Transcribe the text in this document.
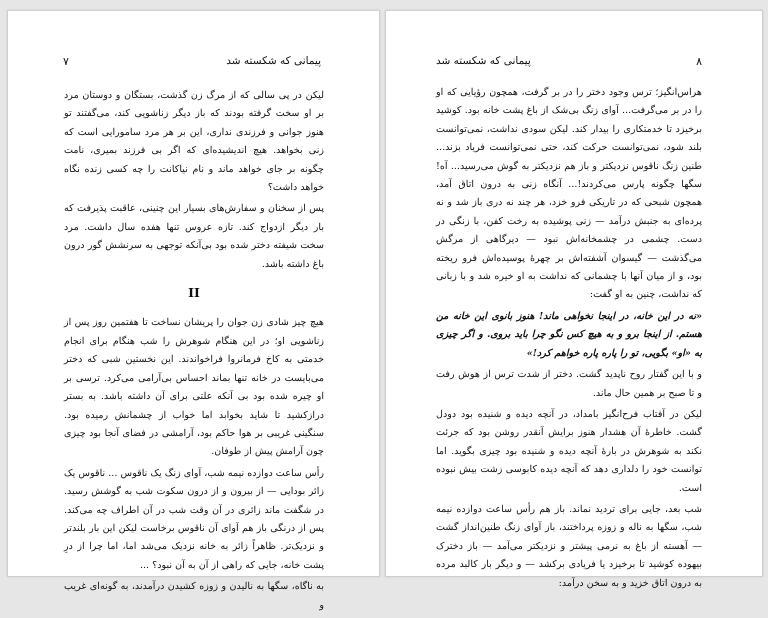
پیمانی که شکسته شد
۷

لیکن در پی سالی که از مرگ زن گذشت، بستگان و دوستان مرد بر او سخت گرفته بودند که باز دیگر زناشویی کند، می‌گفتند تو هنوز جوانی و فرزندی نداری، این بر هر مرد سامورایی است که زنی بخواهد. هیچ اندیشیده‌ای که اگر بی فرزند بمیری، نامت چگونه بر جای خواهد ماند و نام نیاکانت را چه کسی زنده نگاه خواهد داشت؟

پس از سخنان و سفارش‌های بسیار این چنینی، عاقبت پذیرفت که بار دیگر ازدواج کند. تازه عروس تنها هفده سال داشت. مرد سخت شیفته دختر شده بود بی‌آنکه توجهی به سرنشش گور درون باغ داشته باشد.

II

هیچ چیز شادی زن جوان را پریشان نساخت تا هفتمین روز پس از زناشویی او؛ در این هنگام شوهرش را شب هنگام برای انجام خدمتی به کاخ فرمانروا فراخواندند. این نخستین شبی که دختر می‌بایست در خانه تنها بماند احساس بی‌آرامی می‌کرد. ترسی بر او چیره شده بود بی آنکه علتی برای آن داشته باشد. به بستر درازکشید تا شاید بخوابد اما خواب از چشمانش رمیده بود. سنگینی غریبی بر هوا حاکم بود، آرامشی در فضای آنجا بود چیزی چون آرامش پیش از طوفان.

رأس ساعت دوازده نیمه شب، آوای زنگ یک ناقوس ... ناقوس یک زائر بودایی — از بیرون و از درون سکوت شب به گوشش رسید. در شگفت ماند زائری در آن وقت شب در آن اطراف چه می‌کند. پس از درنگی باز هم آوای آن ناقوس برخاست لیکن این بار بلندتر و نزدیک‌تر. ظاهراً زائر به خانه نزدیک می‌شد اما، اما چرا از درِ پشت خانه، جایی که راهی از آن به آن نبود؟ ...

به ناگاه، سگها به نالیدن و زوزه کشیدن درآمدند، به گونه‌ای غریب و

پیمانی که شکسته شد	۸

هراس‌انگیز؛ ترس وجود دختر را در بر گرفت، همچون رؤیایی که او را در بر می‌گرفت... آوای زنگ بی‌شک از باغ پشت خانه بود. کوشید برخیزد تا خدمتکاری را بیدار کند. لیکن سودی نداشت، نمی‌توانست بلند شود، نمی‌توانست حرکت کند، حتی نمی‌توانست فریاد بزند... طنین زنگ ناقوس نزدیکتر و باز هم نزدیکتر به گوش می‌رسید... آه! سگها چگونه پارس می‌کردند!... آنگاه زنی به درون اتاق آمد، همچون شبحی که در تاریکی فرو خزد، هر چند نه دری باز شد و نه پرده‌ای به جنبش درآمد — زنی پوشیده به رخت کفن، با زنگی در دست. چشمی در چشمخانه‌اش نبود — دیرگاهی از مرگش می‌گذشت — گیسوان آشفته‌اش بر چهرهٔ پوسیده‌اش فرو ریخته بود، و از میان آنها با چشمانی که نداشت به او خیره شد و با زبانی که نداشت، چنین به او گفت:

«نه در این خانه، در اینجا نخواهی ماند! هنوز بانوی این خانه من هستم. از اینجا برو و به هیچ کس نگو چرا باید بروی. و اگر چیزی به «او» بگویی، تو را پاره پاره خواهم کرد!»

و با این گفتار روح ناپدید گشت. دختر از شدت ترس از هوش رفت و تا صبح بر همین حال ماند.

لیکن در آفتاب فرح‌انگیز بامداد، در آنچه دیده و شنیده بود دودل گشت. خاطرهٔ آن هشدار هنوز برایش آنقدر روشن بود که جرئت نکند به شوهرش در بارهٔ آنچه دیده و شنیده بود چیزی بگوید. اما توانست خود را دلداری دهد که آنچه دیده کابوسی زشت بیش نبوده است.

شب بعد، جایی برای تردید نماند. باز هم رأس ساعت دوازده نیمه شب، سگها به ناله و زوزه پرداختند، باز آوای زنگ طنین‌انداز گشت — آهسته از باغ به نرمی پیشتر و نزدیکتر می‌آمد — باز دخترک بیهوده کوشید تا برخیزد یا فریادی برکشد — و دیگر بار کالبد مرده به درون اتاق خزید و به سخن درآمد:
